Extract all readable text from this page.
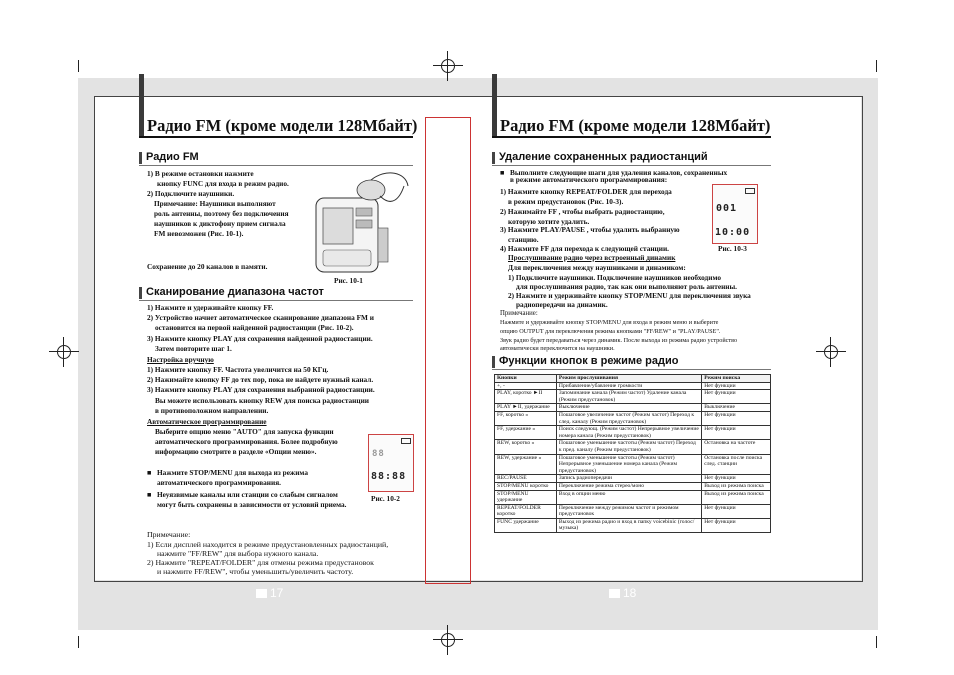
Радио FM (кроме модели 128Мбайт)
Радио FM
1) В режиме остановки нажмите
кнопку FUNC для входа в режим радио.
2) Подключите наушники.
Примечание: Наушники выполняют
роль антенны, поэтому без подключения
наушников к диктофону прием сигнала
FM невозможен (Рис. 10-1).
Сохранение до 20 каналов в памяти.
Рис. 10-1
Сканирование диапазона частот
1) Нажмите и удерживайте кнопку FF.
2) Устройство начнет автоматическое сканирование диапазона FM и
остановится на первой найденной радиостанции (Рис. 10-2).
3) Нажмите кнопку PLAY для сохранения найденной радиостанции.
Затем повторите шаг 1.
Настройка вручную
1) Нажмите кнопку FF. Частота увеличится на 50 КГц.
2) Нажимайте кнопку FF до тех пор, пока не найдете нужный канал.
3) Нажмите кнопку PLAY для сохранения выбранной радиостанции.
Вы можете использовать кнопку REW для поиска радиостанции
в противоположном направлении.
Автоматическое программирование
Выберите опцию меню "AUTO" для запуска функции
автоматического программирования. Более подробную
информацию смотрите в разделе «Опции меню».
■ Нажмите STOP/MENU для выхода из режима
автоматического программирования.
■ Неуязвимые каналы или станции со слабым сигналом
могут быть сохранены в зависимости от условий приема.
88
88:88
Рис. 10-2
Примечание:
1) Если дисплей находится в режиме предустановленных радиостанций,
нажмите "FF/REW" для выбора нужного канала.
2) Нажмите "REPEAT/FOLDER" для отмены режима предустановок
и нажмите FF/REW", чтобы уменьшить/увеличить частоту.
17
Радио FM (кроме модели 128Мбайт)
Удаление сохраненных радиостанций
■ Выполните следующие шаги для удаления каналов, сохраненных
в режиме автоматического программирования:
1) Нажмите кнопку REPEAT/FOLDER для перехода
в режим предустановок (Рис. 10-3).
2) Нажимайте FF , чтобы выбрать радиостанцию,
которую хотите удалить.
3) Нажмите PLAY/PAUSE , чтобы удалить выбранную
станцию.
4) Нажмите FF для перехода к следующей станции.
Прослушивание радио через встроенный динамик
Для переключения между наушниками и динамиком:
1) Подключите наушники. Подключение наушников необходимо
для прослушивания радио, так как они выполняют роль антенны.
2) Нажмите и удерживайте кнопку STOP/MENU для переключения звука
радиопередачи на динамик.
Примечание:
Нажмите и удерживайте кнопку STOP/MENU для входа в режим меню и выберите
опцию OUTPUT для переключения режима кнопками "FF/REW" и "PLAY/PAUSE".
Звук радио будет передаваться через динамик. После выхода из режима радио устройство
автоматически переключится на наушники.
001
10:00
Рис. 10-3
Функции кнопок в режиме радио
Кнопки	Режим прослушивания	Режим поиска
+, -	Прибавление/убавление громкости	Нет функции
PLAY, коротко ►II	Запоминание канала (Режим частот) Удаление канала (Режим предустановок)	Нет функции
PLAY ►II, удержание	Выключение	Выключение
FF, коротко »	Пошаговое увеличение частот (Режим частот) Переход к след. каналу (Режим предустановок)	Нет функции
FF, удержание »	Поиск следующ. (Режим частот) Непрерывное увеличение номера канала (Режим предустановок)	Нет функции
REW, коротко «	Пошаговое уменьшение частоты (Режим частот) Переход к пред. каналу (Режим предустановок)	Остановка на частоте
REW, удержание «	Пошаговое уменьшение частоты (Режим частот) Непрерывное уменьшение номера канала (Режим предустановок)	Остановка после поиска след. станции
REC/PAUSE	Запись радиопередачи	Нет функции
STOP/MENU коротко	Переключение режима стерео/моно	Выход из режима поиска
STOP/MENU удержание	Вход в опции меню	Выход из режима поиска
REPEAT/FOLDER коротко	Переключение между режимом частот и режимом предустановок	Нет функции
FUNC удержание	Выход из режима радио и вход в папку voicebinic (голос/музыка)	Нет функции
18
